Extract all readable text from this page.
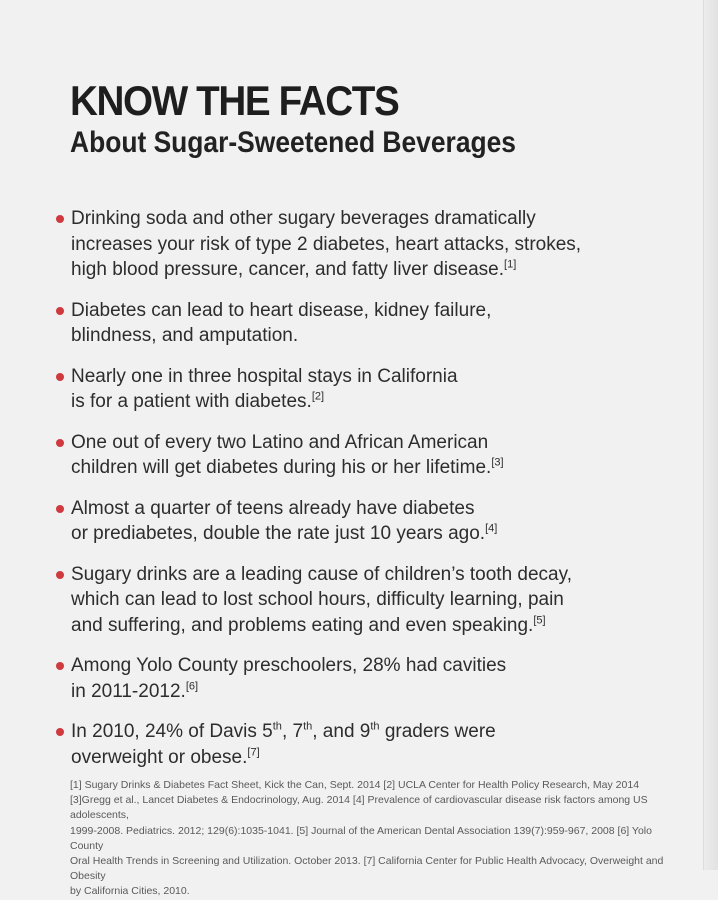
KNOW THE FACTS
About Sugar-Sweetened Beverages
Drinking soda and other sugary beverages dramatically
increases your risk of type 2 diabetes, heart attacks, strokes,
high blood pressure, cancer, and fatty liver disease.[1]
Diabetes can lead to heart disease, kidney failure,
blindness, and amputation.
Nearly one in three hospital stays in California
is for a patient with diabetes.[2]
One out of every two Latino and African American
children will get diabetes during his or her lifetime.[3]
Almost a quarter of teens already have diabetes
or prediabetes, double the rate just 10 years ago.[4]
Sugary drinks are a leading cause of children’s tooth decay,
which can lead to lost school hours, difficulty learning, pain
and suffering, and problems eating and even speaking.[5]
Among Yolo County preschoolers, 28% had cavities
in 2011-2012.[6]
In 2010, 24% of Davis 5th, 7th, and 9th graders were
overweight or obese.[7]

[1] Sugary Drinks & Diabetes Fact Sheet, Kick the Can, Sept. 2014 [2] UCLA Center for Health Policy Research, May 2014
[3]Gregg et al., Lancet Diabetes & Endocrinology, Aug. 2014 [4] Prevalence of cardiovascular disease risk factors among US adolescents,
1999-2008. Pediatrics. 2012; 129(6):1035-1041. [5] Journal of the American Dental Association 139(7):959-967, 2008 [6] Yolo County
Oral Health Trends in Screening and Utilization. October 2013. [7] California Center for Public Health Advocacy, Overweight and Obesity
by California Cities, 2010.
